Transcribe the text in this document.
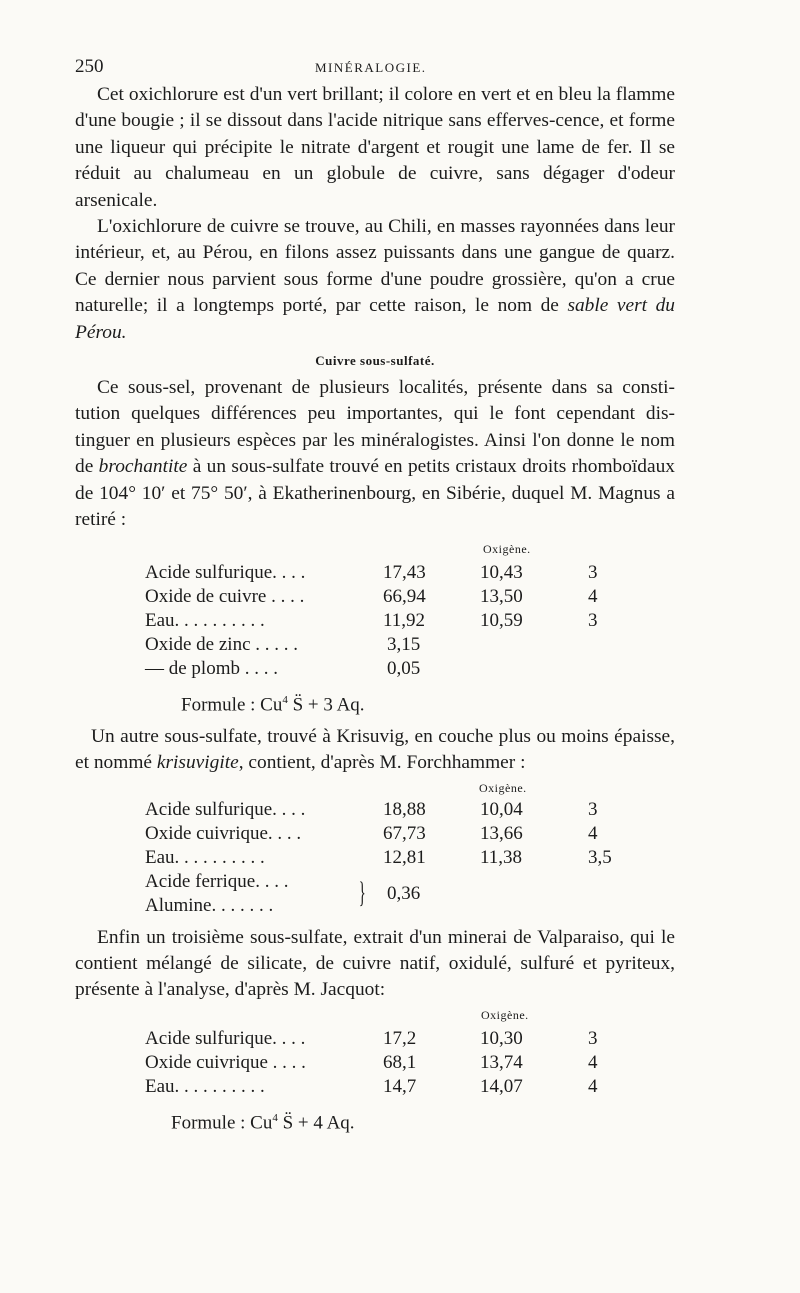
250	MINÉRALOGIE.

Cet oxichlorure est d'un vert brillant; il colore en vert et en bleu la flamme d'une bougie ; il se dissout dans l'acide nitrique sans efferves-cence, et forme une liqueur qui précipite le nitrate d'argent et rougit une lame de fer. Il se réduit au chalumeau en un globule de cuivre, sans dégager d'odeur arsenicale.

L'oxichlorure de cuivre se trouve, au Chili, en masses rayonnées dans leur intérieur, et, au Pérou, en filons assez puissants dans une gangue de quarz. Ce dernier nous parvient sous forme d'une poudre grossière, qu'on a crue naturelle; il a longtemps porté, par cette raison, le nom de sable vert du Pérou.

Cuivre sous-sulfaté.

Ce sous-sel, provenant de plusieurs localités, présente dans sa consti-tution quelques différences peu importantes, qui le font cependant dis-tinguer en plusieurs espèces par les minéralogistes. Ainsi l'on donne le nom de brochantite à un sous-sulfate trouvé en petits cristaux droits rhomboïdaux de 104° 10′ et 75° 50′, à Ekatherinenbourg, en Sibérie, duquel M. Magnus a retiré :

Oxigène.
Acide sulfurique. . . .	17,43	10,43	3
Oxide de cuivre . . . .	66,94	13,50	4
Eau. . . . . . . . . .	11,92	10,59	3
Oxide de zinc . . . . .	3,15
— de plomb . . . .	0,05
Formule : Cu$^4$ S̈ + 3 Aq.

Un autre sous-sulfate, trouvé à Krisuvig, en couche plus ou moins épaisse, et nommé krisuvigite, contient, d'après M. Forchhammer :

Oxigène.
Acide sulfurique. . . .	18,88	10,04	3
Oxide cuivrique. . . .	67,73	13,66	4
Eau. . . . . . . . . .	12,81	11,38	3,5
Acide ferrique. . . .
Alumine. . . . . . .	} 0,36

Enfin un troisième sous-sulfate, extrait d'un minerai de Valparaiso, qui le contient mélangé de silicate, de cuivre natif, oxidulé, sulfuré et pyriteux, présente à l'analyse, d'après M. Jacquot:

Oxigène.
Acide sulfurique. . . .	17,2	10,30	3
Oxide cuivrique . . . .	68,1	13,74	4
Eau. . . . . . . . . .	14,7	14,07	4
Formule : Cu$^4$ S̈ + 4 Aq.
